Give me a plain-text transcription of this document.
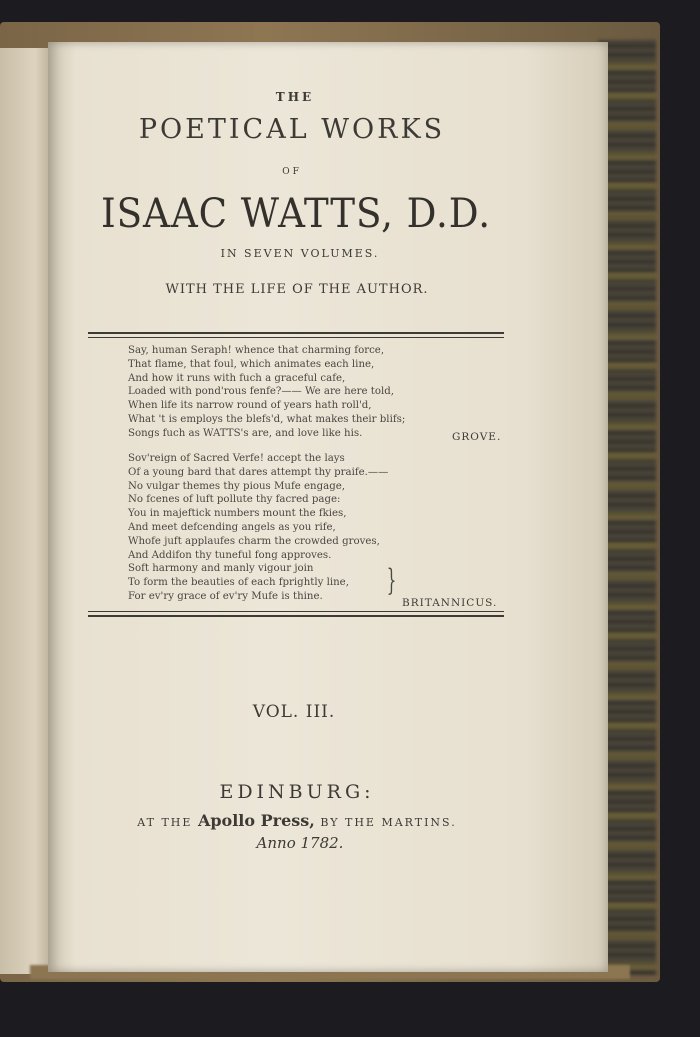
THE
POETICAL WORKS
OF
ISAAC WATTS, D.D.
IN SEVEN VOLUMES.
WITH THE LIFE OF THE AUTHOR.
Say, human Seraph! whence that charming force,
That flame, that foul, which animates each line,
And how it runs with fuch a graceful cafe,
Loaded with pond'rous fenfe?—— We are here told,
When life its narrow round of years hath roll'd,
What 't is employs the blefs'd, what makes their blifs;
Songs fuch as WATTS's are, and love like his.	GROVE.
Sov'reign of Sacred Verfe! accept the lays
Of a young bard that dares attempt thy praife.——
No vulgar themes thy pious Mufe engage,
No fcenes of luft pollute thy facred page:
You in majeftick numbers mount the fkies,
And meet defcending angels as you rife,
Whofe juft applaufes charm the crowded groves,
And Addifon thy tuneful fong approves.
Soft harmony and manly vigour join
To form the beauties of each fprightly line,
For ev'ry grace of ev'ry Mufe is thine.	}
BRITANNICUS.
VOL. III.
EDINBURG:
AT THE Apollo Press, BY THE MARTINS.
Anno 1782.
